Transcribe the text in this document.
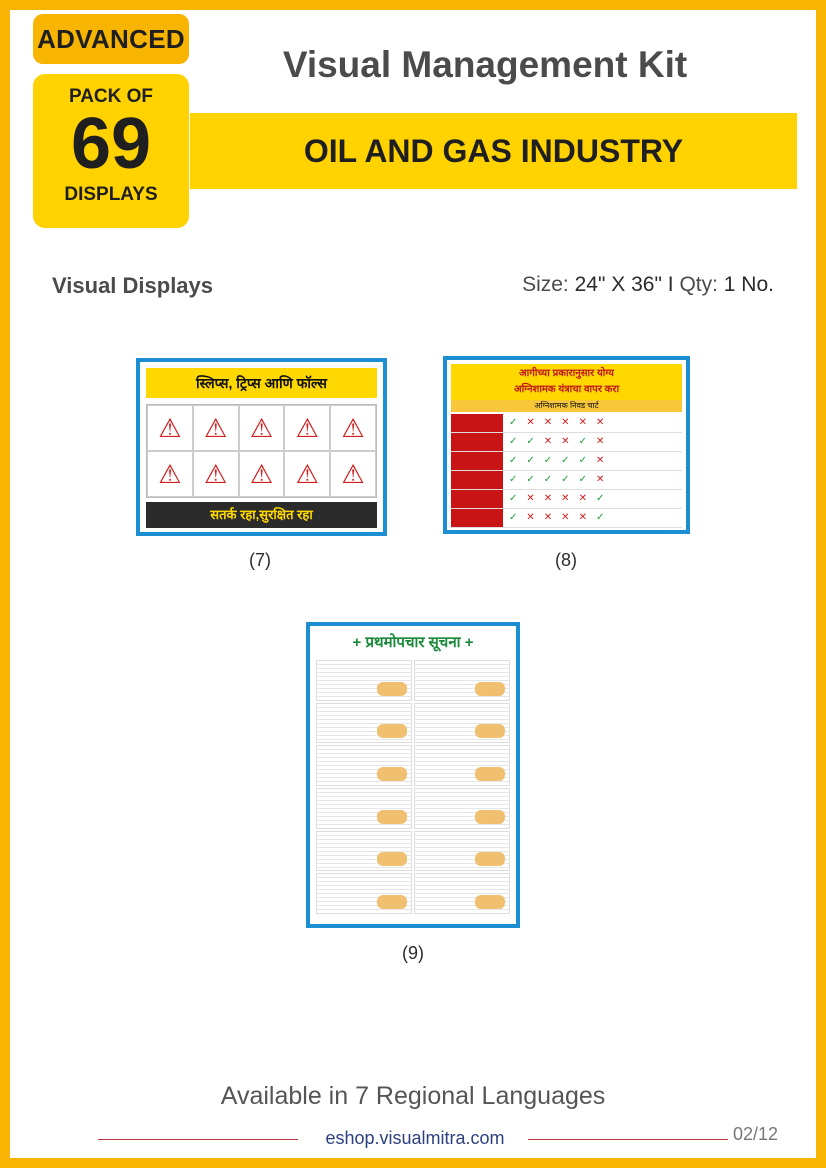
ADVANCED
PACK OF
69
DISPLAYS
Visual Management Kit
OIL AND GAS INDUSTRY
Visual Displays	Size: 24" X 36" I Qty: 1 No.
स्लिप्स, ट्रिप्स आणि फॉल्स
⚠ ⚠ ⚠ ⚠ ⚠
⚠ ⚠ ⚠ ⚠ ⚠
सतर्क रहा,सुरक्षित रहा
(7)
आगीच्या प्रकारानुसार योग्य
अग्निशामक यंत्राचा वापर करा
अग्निशामक निवड चार्ट
✓✕✕✕✕✕
✓✓✕✕✓✕
✓✓✓✓✓✕
✓✓✓✓✓✕
✓✕✕✕✕✓
✓✕✕✕✕✓
(8)
+ प्रथमोपचार सूचना +
(9)
Available in 7 Regional Languages
eshop.visualmitra.com	02/12
